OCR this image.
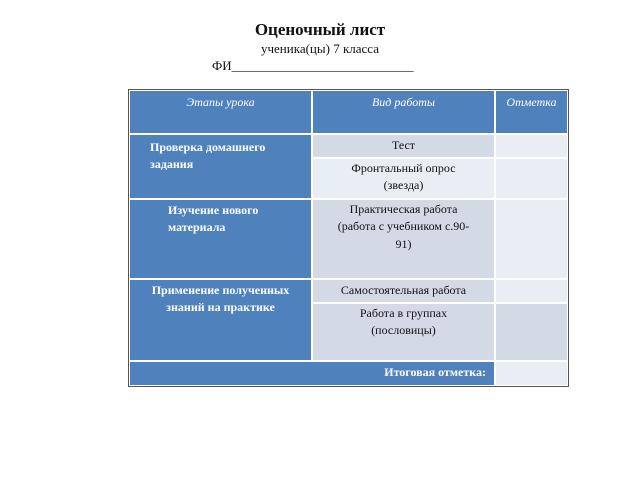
Оценочный лист
ученика(цы) 7 класса
ФИ____________________________
Этапы урока
Проверка домашнего задания
Изучение нового материала
Применение полученных знаний на практике
Вид работы	Отметка
Тест
Фронтальный опрос (звезда)
Практическая работа (работа с учебником с.90-91)
Самостоятельная работа
Работа в группах (пословицы)
Итоговая отметка:
